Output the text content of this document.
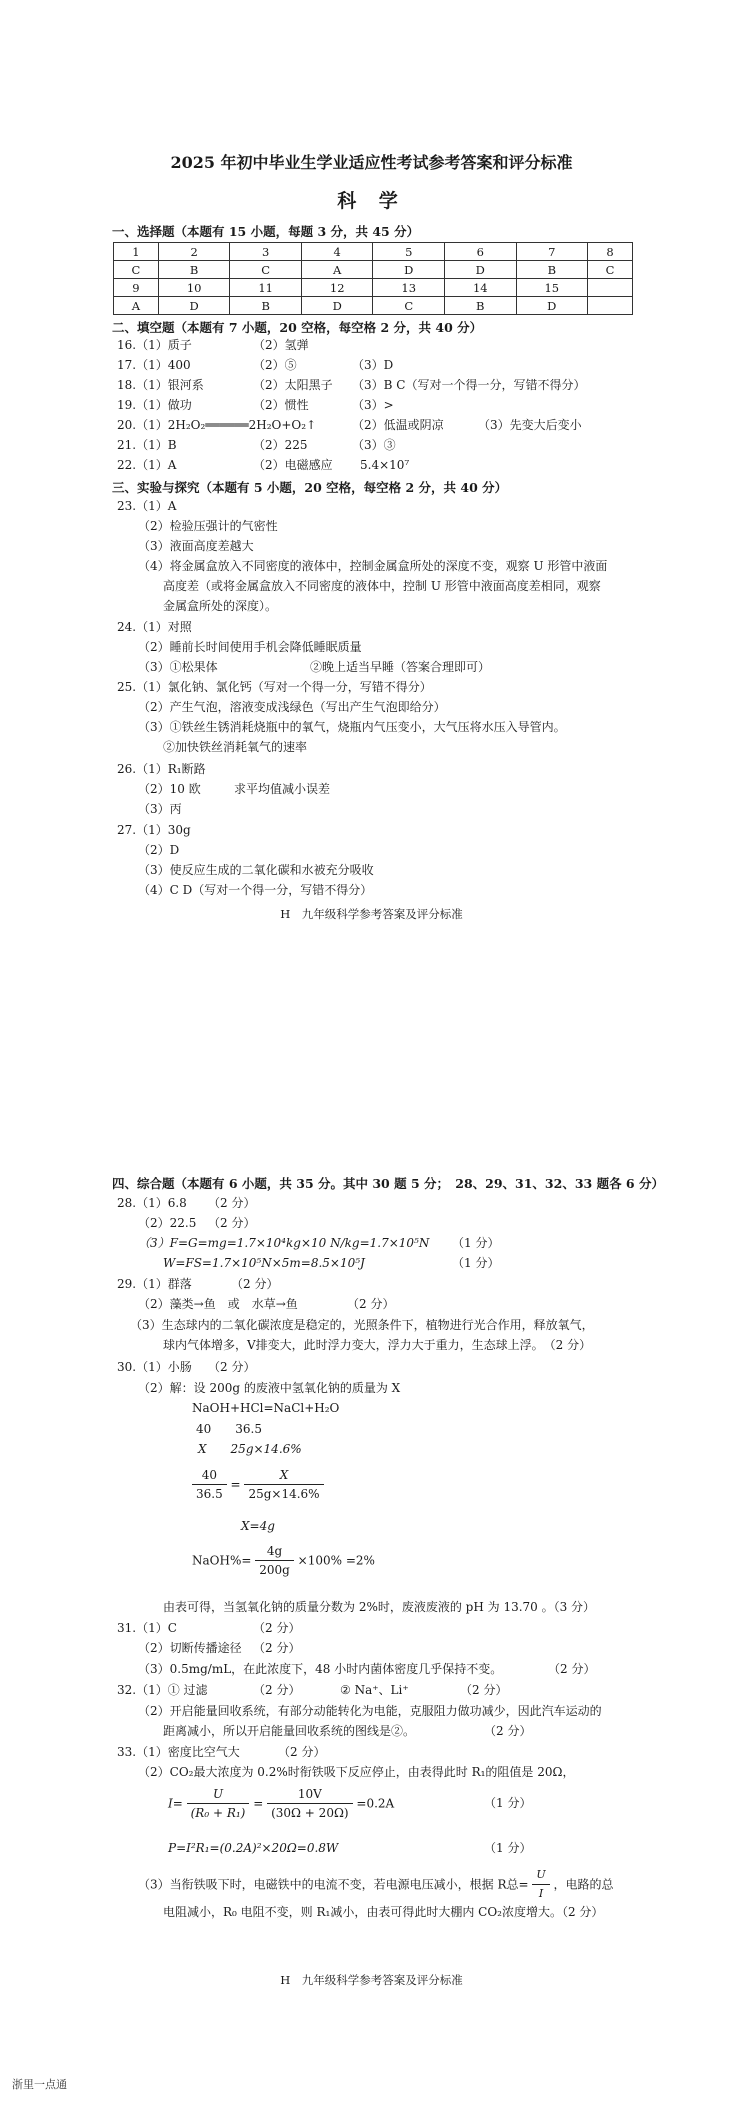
2025 年初中毕业生学业适应性考试参考答案和评分标准
科 学
一、选择题（本题有 15 小题，每题 3 分，共 45 分）
1	2	3	4	5	6	7	8
C	B	C	A	D	D	B	C
9	10	11	12	13	14	15	
A	D	B	D	C	B	D	
二、填空题（本题有 7 小题，20 空格，每空格 2 分，共 40 分）
16.（1）质子	（2）氢弹
17.（1）400	（2）⑤	（3）D
18.（1）银河系	（2）太阳黑子 （3）B C（写对一个得一分，写错不得分）
19.（1）做功	（2）惯性	（3）>
20.（1）2H₂O₂══════2H₂O+O₂↑	（2）低温或阴凉	（3）先变大后变小
21.（1）B	（2）225	（3）③
22.（1）A	（2）电磁感应 5.4×10⁷
三、实验与探究（本题有 5 小题，20 空格，每空格 2 分，共 40 分）
23.（1）A
（2）检验压强计的气密性
（3）液面高度差越大
（4）将金属盒放入不同密度的液体中，控制金属盒所处的深度不变，观察 U 形管中液面
高度差（或将金属盒放入不同密度的液体中，控制 U 形管中液面高度差相同，观察
金属盒所处的深度）。
24.（1）对照
（2）睡前长时间使用手机会降低睡眠质量
（3）①松果体	②晚上适当早睡（答案合理即可）
25.（1）氯化钠、氯化钙（写对一个得一分，写错不得分）
（2）产生气泡，溶液变成浅绿色（写出产生气泡即给分）
（3）①铁丝生锈消耗烧瓶中的氧气，烧瓶内气压变小，大气压将水压入导管内。
②加快铁丝消耗氧气的速率
26.（1）R₁断路
（2）10 欧	求平均值减小误差
（3）丙
27.（1）30g
（2）D
（3）使反应生成的二氧化碳和水被充分吸收
（4）C D（写对一个得一分，写错不得分）
H　九年级科学参考答案及评分标准
四、综合题（本题有 6 小题，共 35 分。其中 30 题 5 分；　28、29、31、32、33 题各 6 分）
28.（1）6.8 （2 分）
（2）22.5 （2 分）
（3）F=G=mg=1.7×10⁴kg×10 N/kg=1.7×10⁵N （1 分）
W=FS=1.7×10⁵N×5m=8.5×10⁵J	（1 分）
29.（1）群落	（2 分）
（2）藻类→鱼　或　水草→鱼	（2 分）
（3）生态球内的二氧化碳浓度是稳定的，光照条件下，植物进行光合作用，释放氧气，
球内气体增多，V排变大，此时浮力变大，浮力大于重力，生态球上浮。　（2 分）
30.（1）小肠 （2 分）
（2）解：设 200g 的废液中氢氧化钠的质量为 X
NaOH+HCl=NaCl+H₂O
40　　36.5
X　　25g×14.6%
$\frac{40}{36.5} = \frac{X}{25g\times 14.6\%}$
X=4g
NaOH%= $\frac{4g}{200g} \times 100\% =2\%$
由表可得，当氢氧化钠的质量分数为 2%时，废液废液的 pH 为 13.70 。（3 分）
31.（1）C	（2 分）
（2）切断传播途径 （2 分）
（3）0.5mg/mL，在此浓度下，48 小时内菌体密度几乎保持不变。	（2 分）
32.（1）① 过滤	（2 分）	② Na⁺、Li⁺	（2 分）
（2）开启能量回收系统，有部分动能转化为电能，克服阻力做功减少，因此汽车运动的
距离减小，所以开启能量回收系统的图线是②。	（2 分）
33.（1）密度比空气大	（2 分）
（2）CO₂最大浓度为 0.2%时衔铁吸下反应停止，由表得此时 R₁的阻值是 20Ω，
$I= \frac{U}{\text{(R₀ + R₁)}} = \frac{10V}{(30\Omega + 20\Omega)} =0.2A$	（1 分）
P=I²R₁=(0.2A)²×20Ω=0.8W	（1 分）
（3）当衔铁吸下时，电磁铁中的电流不变，若电源电压减小，根据 R总= $\frac{U}{I}$ ，电路的总
电阻减小，R₀ 电阻不变，则 R₁减小，由表可得此时大棚内 CO₂浓度增大。（2 分）
H　九年级科学参考答案及评分标准
浙里一点通
